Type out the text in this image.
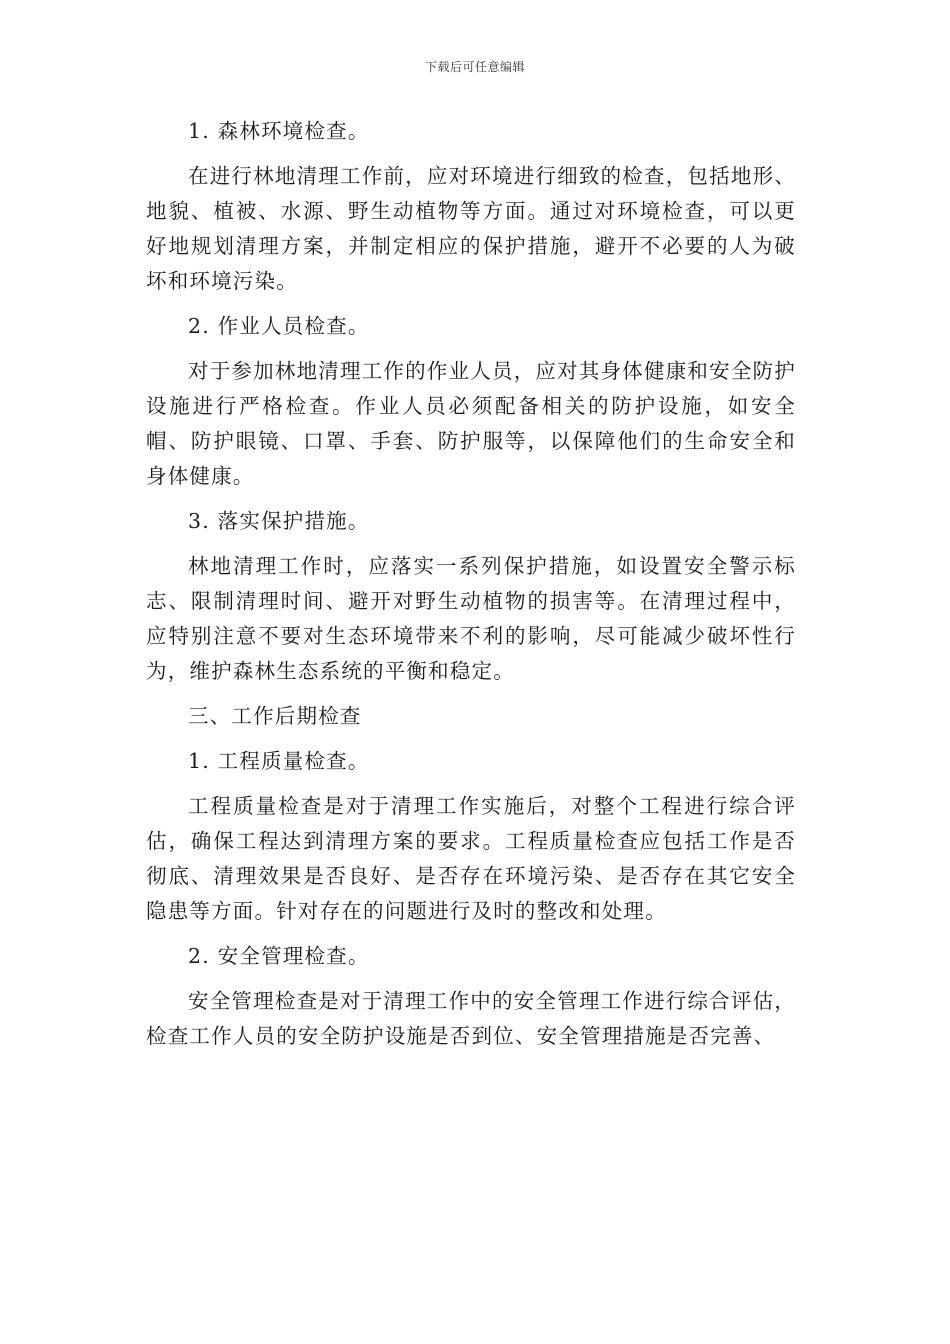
下载后可任意编辑

1. 森林环境检查。

在进行林地清理工作前，应对环境进行细致的检查，包括地形、地貌、植被、水源、野生动植物等方面。通过对环境检查，可以更好地规划清理方案，并制定相应的保护措施，避开不必要的人为破坏和环境污染。

2. 作业人员检查。

对于参加林地清理工作的作业人员，应对其身体健康和安全防护设施进行严格检查。作业人员必须配备相关的防护设施，如安全帽、防护眼镜、口罩、手套、防护服等，以保障他们的生命安全和身体健康。

3. 落实保护措施。

林地清理工作时，应落实一系列保护措施，如设置安全警示标志、限制清理时间、避开对野生动植物的损害等。在清理过程中，应特别注意不要对生态环境带来不利的影响，尽可能减少破坏性行为，维护森林生态系统的平衡和稳定。

三、工作后期检查

1. 工程质量检查。

工程质量检查是对于清理工作实施后，对整个工程进行综合评估，确保工程达到清理方案的要求。工程质量检查应包括工作是否彻底、清理效果是否良好、是否存在环境污染、是否存在其它安全隐患等方面。针对存在的问题进行及时的整改和处理。

2. 安全管理检查。

安全管理检查是对于清理工作中的安全管理工作进行综合评估，检查工作人员的安全防护设施是否到位、安全管理措施是否完善、
